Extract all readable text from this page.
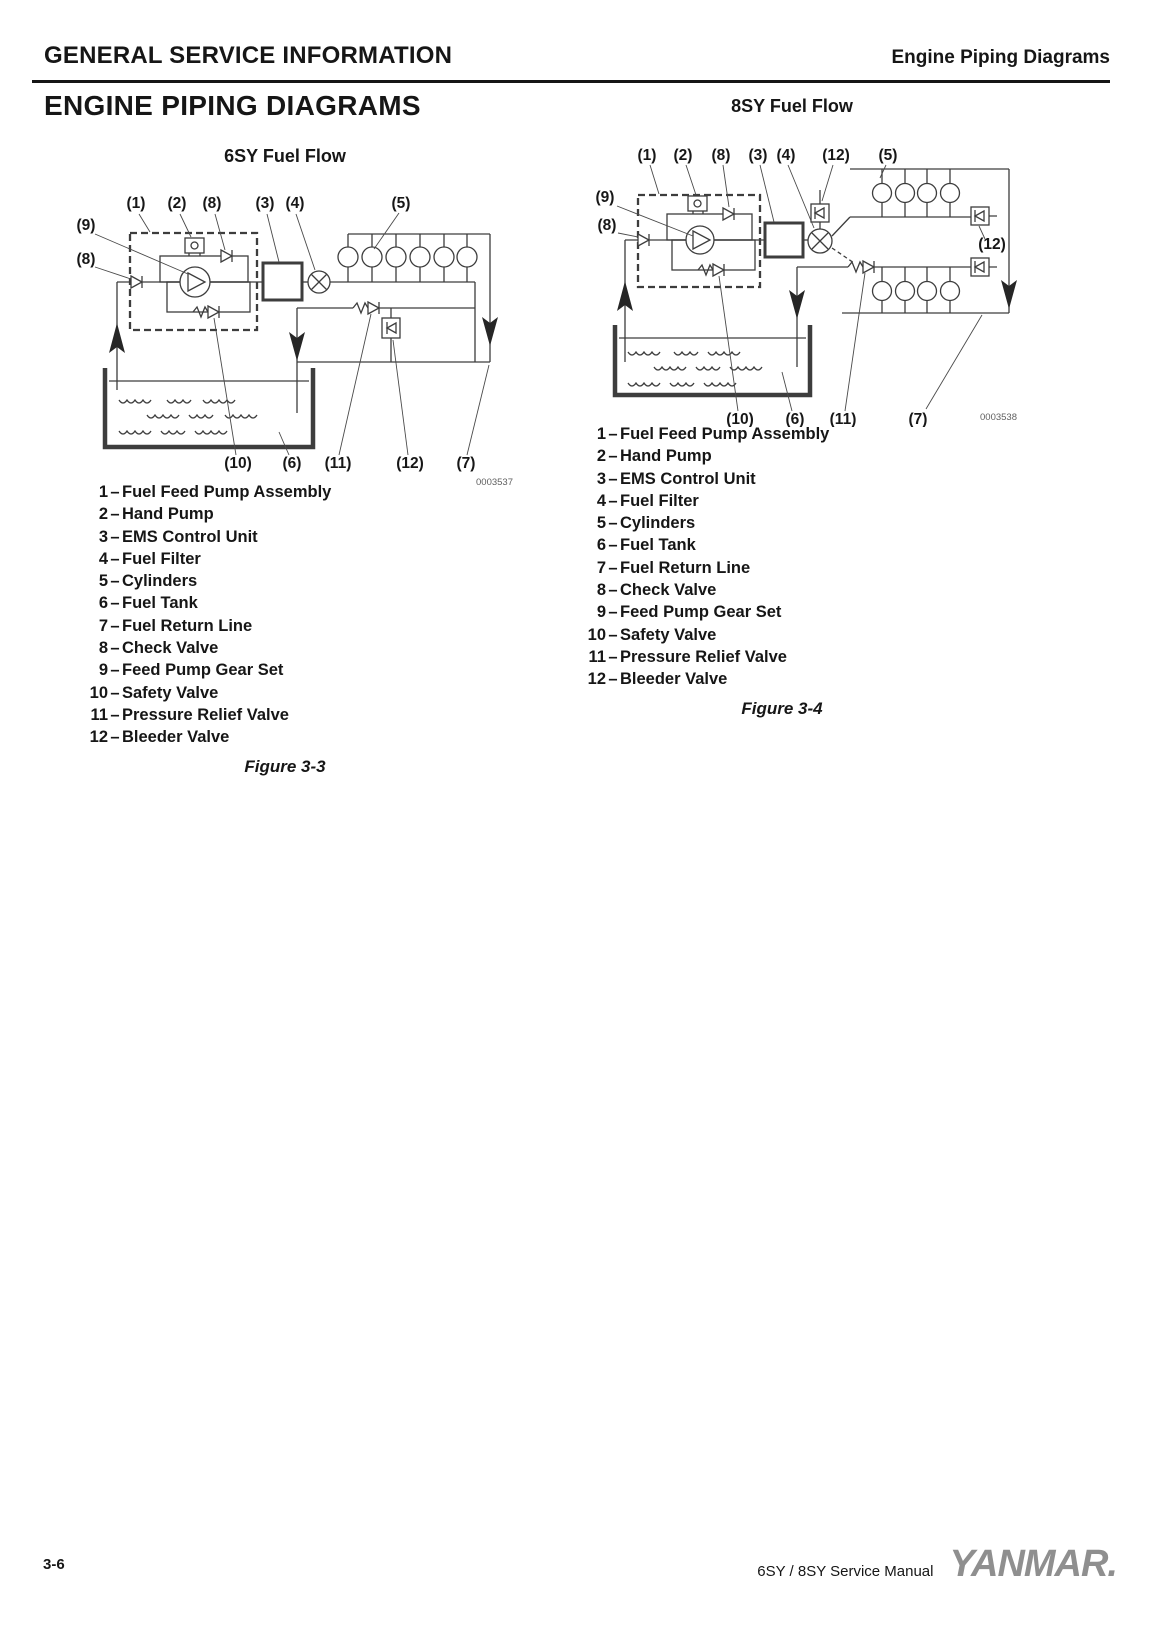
GENERAL SERVICE INFORMATION	Engine Piping Diagrams
ENGINE PIPING DIAGRAMS
6SY Fuel Flow
(1) (2) (8) (3) (4)	(5)
(9)
(8)
(10) (6) (11)	(12) (7)
0003537
1 – Fuel Feed Pump Assembly
2 – Hand Pump
3 – EMS Control Unit
4 – Fuel Filter
5 – Cylinders
6 – Fuel Tank
7 – Fuel Return Line
8 – Check Valve
9 – Feed Pump Gear Set
10 – Safety Valve
11 – Pressure Relief Valve
12 – Bleeder Valve
Figure 3-3
8SY Fuel Flow
(1) (2) (8) (3) (4) (12) (5)
(9)
(8)
(12)
(10) (6) (11)	(7)	0003538
1 – Fuel Feed Pump Assembly
2 – Hand Pump
3 – EMS Control Unit
4 – Fuel Filter
5 – Cylinders
6 – Fuel Tank
7 – Fuel Return Line
8 – Check Valve
9 – Feed Pump Gear Set
10 – Safety Valve
11 – Pressure Relief Valve
12 – Bleeder Valve
Figure 3-4
3-6	6SY / 8SY Service Manual YANMAR.
